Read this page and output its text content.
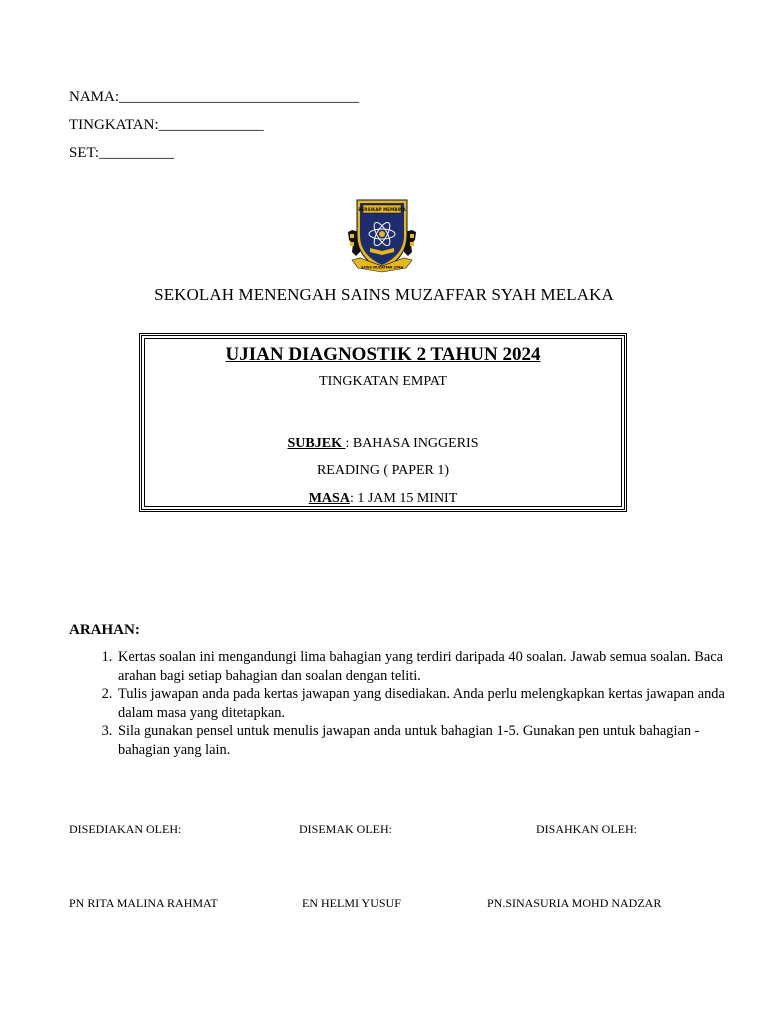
NAMA:________________________________
TINGKATAN:______________
SET:__________
BERSIKAP MEMBINA
SAINS MUZAFFAR SYAH
SEKOLAH MENENGAH SAINS MUZAFFAR SYAH MELAKA
UJIAN DIAGNOSTIK 2 TAHUN 2024
TINGKATAN EMPAT
SUBJEK : BAHASA INGGERIS
READING ( PAPER 1)
MASA: 1 JAM 15 MINIT
ARAHAN:
1. Kertas soalan ini mengandungi lima bahagian yang terdiri daripada 40 soalan. Jawab semua soalan. Baca arahan bagi setiap bahagian dan soalan dengan teliti.
2. Tulis jawapan anda pada kertas jawapan yang disediakan. Anda perlu melengkapkan kertas jawapan anda dalam masa yang ditetapkan.
3. Sila gunakan pensel untuk menulis jawapan anda untuk bahagian 1-5. Gunakan pen untuk bahagian -bahagian yang lain.
DISEDIAKAN OLEH:	DISEMAK OLEH:	DISAHKAN OLEH:
PN RITA MALINA RAHMAT	EN HELMI YUSUF	PN.SINASURIA MOHD NADZAR
